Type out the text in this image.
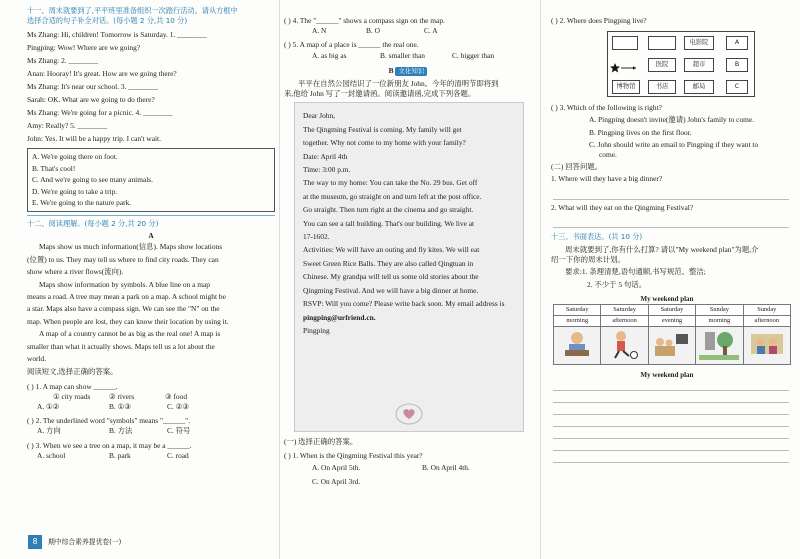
十一、周末就要到了,平平班里准备组织一次踏行活动。请从方框中
选择合适的句子补全对话。(每小题 2 分,共 10 分)
Ms Zhang: Hi, children! Tomorrow is Saturday. 1. ________
Pingping: Wow! Where are we going?
Ms Zhang: 2. ________
Anan: Hooray! It's great. How are we going there?
Ms Zhang: It's near our school. 3. ________
Sarah: OK. What are we going to do there?
Ms Zhang: We're going for a picnic. 4. ________
Amy: Really? 5. ________
John: Yes. It will be a happy trip. I can't wait.
A. We're going there on foot.
B. That's cool!
C. And we're going to see many animals.
D. We're going to take a trip.
E. We're going to the nature park.
十二、阅读理解。(每小题 2 分,共 20 分)
A
Maps show us much information(信息). Maps show locations
(位置) to us. They may tell us where to find city roads. They can
show where a river flows(流向).
Maps show information by symbols. A blue line on a map
means a road. A tree may mean a park on a map. A school might be
a star. Maps also have a compass sign. We can see the "N" on the
map. When people are lost, they can know their location by using it.
A map of a country cannot be as big as the real one! A map is
smaller than what it actually shows. Maps tell us a lot about the
world.
阅读短文,选择正确的答案。
( ) 1. A map can show ______.
① city roads	② rivers	③ food
A. ①②	B. ①③	C. ②③
( ) 2. The underlined word "symbols" means "______".
A. 方向	B. 方法	C. 符号
( ) 3. When we see a tree on a map, it may be a ______.
A. school	B. park	C. road
( ) 4. The "______" shows a compass sign on the map.
A. N	B. O	C. A
( ) 5. A map of a place is ______ the real one.
A. as big as	B. smaller than	C. bigger than
B 文化知识
平平在自然公园结识了一位新朋友 John。今年的清明节即将到
来,他给 John 写了一封邀请函。阅读邀请函,完成下列各题。
Dear John,
The Qingming Festival is coming. My family will get
together. Why not come to my home with your family?
Date: April 4th
Time: 3:00 p.m.
The way to my home: You can take the No. 29 bus. Get off
at the museum, go straight on and turn left at the post office.
Go straight. Then turn right at the cinema and go straight.
You can see a tall building. That's our building. We live at
17-1602.
Activities: We will have an outing and fly kites. We will eat
Sweet Green Rice Balls. They are also called Qingtuan in
Chinese. My grandpa will tell us some old stories about the
Qingming Festival. And we will have a big dinner at home.
RSVP: Will you come? Please write back soon. My email address is
pingping@urfriend.cn.
Pingping
(一) 选择正确的答案。
( ) 1. When is the Qingming Festival this year?
A. On April 5th.	B. On April 4th.
C. On April 3rd.
( ) 2. Where does Pingping live?
电影院	A
医院	超市	B
博物馆	书店	邮局	C
( ) 3. Which of the following is right?
A. Pingping doesn't invite(邀请) John's family to come.
B. Pingping lives on the first floor.
C. John should write an email to Pingping if they want to
come.
(二) 回答问题。
1. Where will they have a big dinner?
2. What will they eat on the Qingming Festival?
十三、书面表达。(共 10 分)
周末就要到了,你有什么打算? 请以"My weekend plan"为题,介
绍一下你的周末计划。
要求:1. 条理清楚,语句通顺,书写规范、整洁;
2. 不少于 5 句话。
My weekend plan
Saturday	Saturday	Saturday	Sunday	Sunday
morning	afternoon	evening	morning	afternoon

My weekend plan
8	期中综合素养提优卷(一)
